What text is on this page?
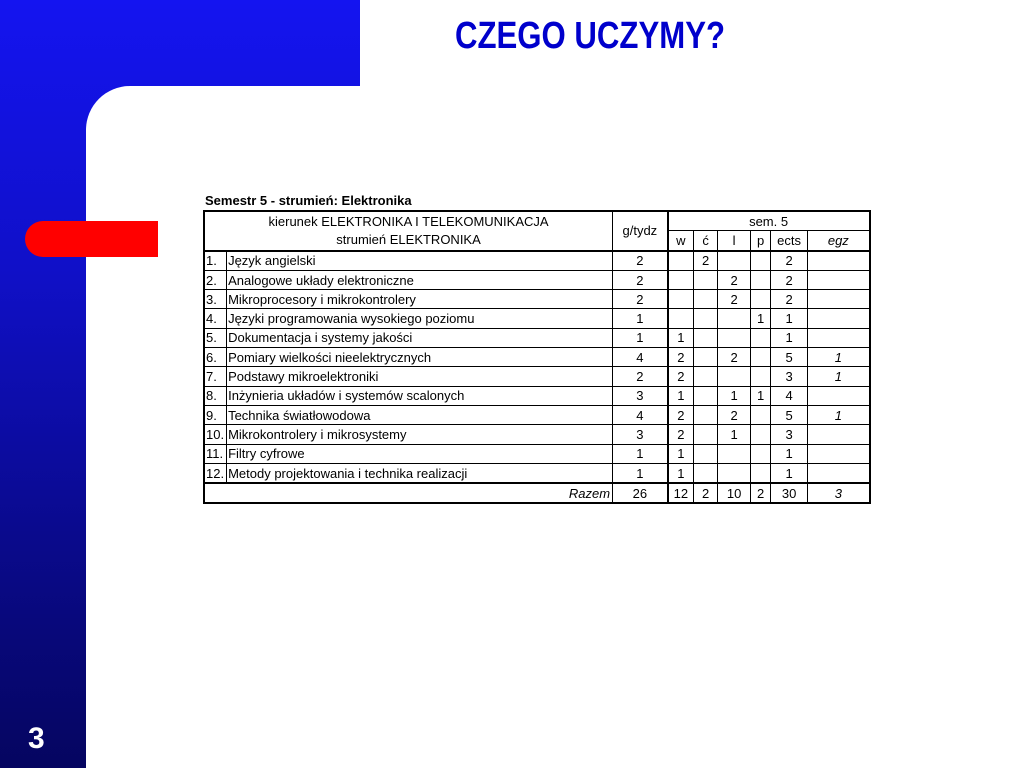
CZEGO UCZYMY?
3
Semestr 5 - strumień: Elektronika
kierunek ELEKTRONIKA I TELEKOMUNIKACJA
strumień ELEKTRONIKA		g/tydz	sem. 5					
			w	ć	l	p	ects	egz
1.	Język angielski	2		2			2	
2.	Analogowe układy elektroniczne	2			2		2	
3.	Mikroprocesory i mikrokontrolery	2			2		2	
4.	Języki programowania wysokiego poziomu	1				1	1	
5.	Dokumentacja i systemy jakości	1	1				1	
6.	Pomiary wielkości nieelektrycznych	4	2		2		5	1
7.	Podstawy mikroelektroniki	2	2				3	1
8.	Inżynieria układów i systemów scalonych	3	1		1	1	4	
9.	Technika światłowodowa	4	2		2		5	1
10.	Mikrokontrolery i mikrosystemy	3	2		1		3	
11.	Filtry cyfrowe	1	1				1	
12.	Metody projektowania i technika realizacji	1	1				1	
Razem		26	12	2	10	2	30	3
